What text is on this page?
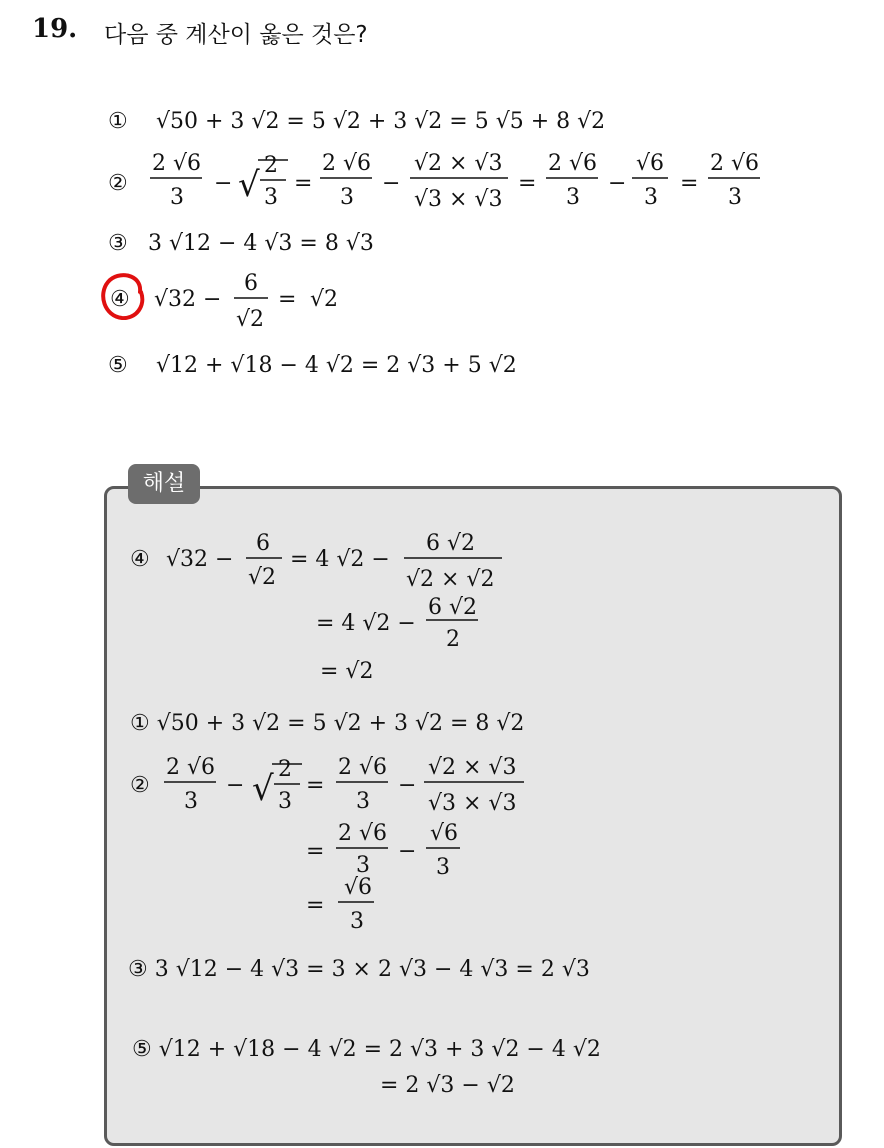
19. 다음 중 계산이 옳은 것은?
① √50 + 3 √2 = 5 √2 + 3 √2 = 5 √5 + 8 √2
②
2 √6
3
− √ 2
3
=
2 √6
3
−
√2 × √3
√3 × √3
=
2 √6
3
−
√6
3
=
2 √6
3
③ 3 √12 − 4 √3 = 8 √3
④ √32 −
6
√2
= √2
⑤ √12 + √18 − 4 √2 = 2 √3 + 5 √2
해설
④ √32 −
6
√2
= 4 √2 −
6 √2
√2 × √2
= 4 √2 −
6 √2
2
= √2
① √50 + 3 √2 = 5 √2 + 3 √2 = 8 √2
②
2 √6
3
− √ 2
3
=
2 √6
3
−
√2 × √3
√3 × √3
=
2 √6
3
−
√6
3
=
√6
3
③ 3 √12 − 4 √3 = 3 × 2 √3 − 4 √3 = 2 √3
⑤ √12 + √18 − 4 √2 = 2 √3 + 3 √2 − 4 √2
= 2 √3 − √2
